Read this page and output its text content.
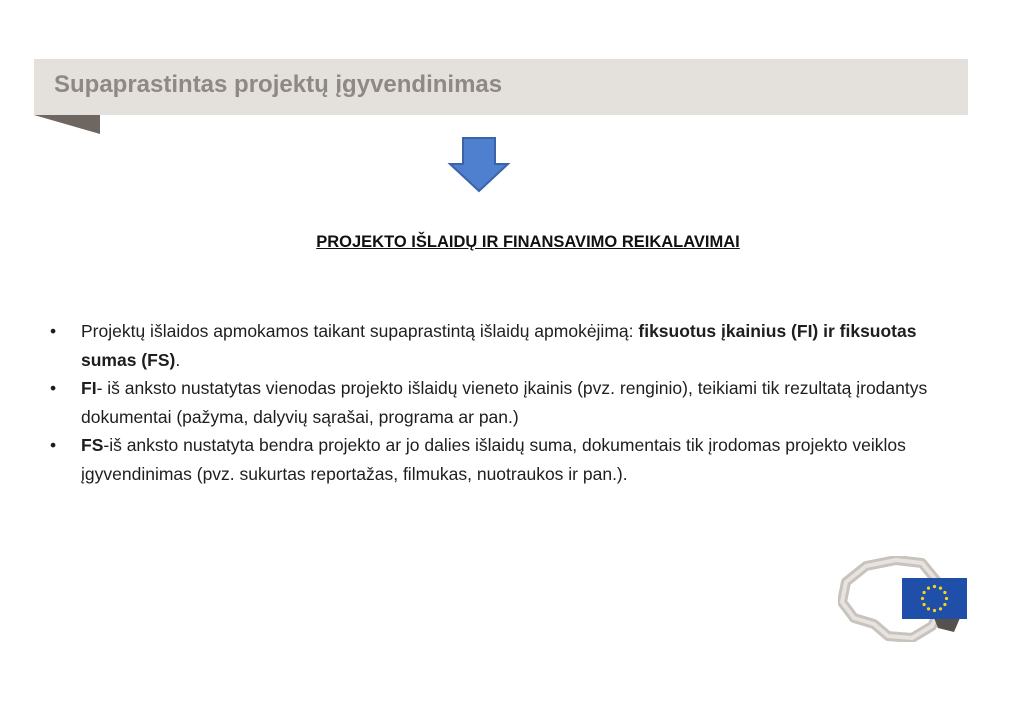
Supaprastintas projektų įgyvendinimas
PROJEKTO IŠLAIDŲ IR FINANSAVIMO REIKALAVIMAI
• Projektų išlaidos apmokamos taikant supaprastintą išlaidų apmokėjimą: fiksuotus įkainius (FI) ir fiksuotas sumas (FS).
• FI- iš anksto nustatytas vienodas projekto išlaidų vieneto įkainis (pvz. renginio), teikiami tik rezultatą įrodantys dokumentai (pažyma, dalyvių sąrašai, programa ar pan.)
• FS-iš anksto nustatyta bendra projekto ar jo dalies išlaidų suma, dokumentais tik įrodomas projekto veiklos įgyvendinimas (pvz. sukurtas reportažas, filmukas, nuotraukos ir pan.).
